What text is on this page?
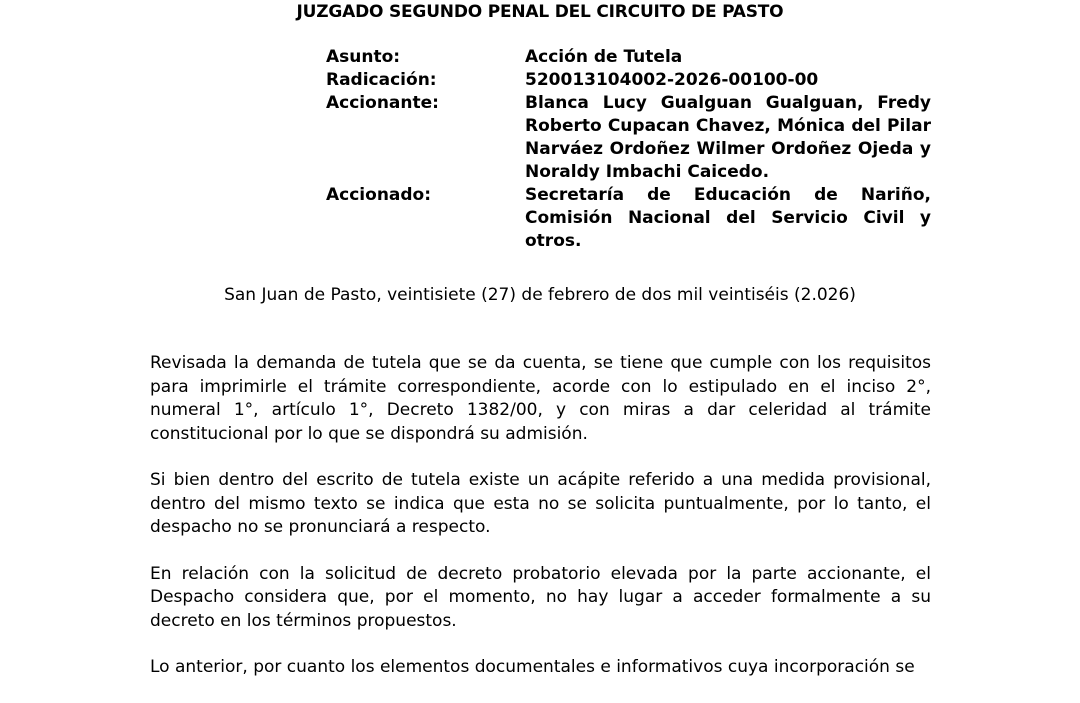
JUZGADO SEGUNDO PENAL DEL CIRCUITO DE PASTO
Asunto:	Acción de Tutela
Radicación:	520013104002-2026-00100-00
Accionante:	Blanca Lucy Gualguan Gualguan, Fredy Roberto Cupacan Chavez, Mónica del Pilar Narváez Ordoñez Wilmer Ordoñez Ojeda y Noraldy Imbachi Caicedo.
Accionado:	Secretaría de Educación de Nariño, Comisión Nacional del Servicio Civil y otros.
San Juan de Pasto, veintisiete (27) de febrero de dos mil veintiséis (2.026)

Revisada la demanda de tutela que se da cuenta, se tiene que cumple con los requisitos para imprimirle el trámite correspondiente, acorde con lo estipulado en el inciso 2°, numeral 1°, artículo 1°, Decreto 1382/00, y con miras a dar celeridad al trámite constitucional por lo que se dispondrá su admisión.

Si bien dentro del escrito de tutela existe un acápite referido a una medida provisional, dentro del mismo texto se indica que esta no se solicita puntualmente, por lo tanto, el despacho no se pronunciará a respecto.

En relación con la solicitud de decreto probatorio elevada por la parte accionante, el Despacho considera que, por el momento, no hay lugar a acceder formalmente a su decreto en los términos propuestos.

Lo anterior, por cuanto los elementos documentales e informativos cuya incorporación se
